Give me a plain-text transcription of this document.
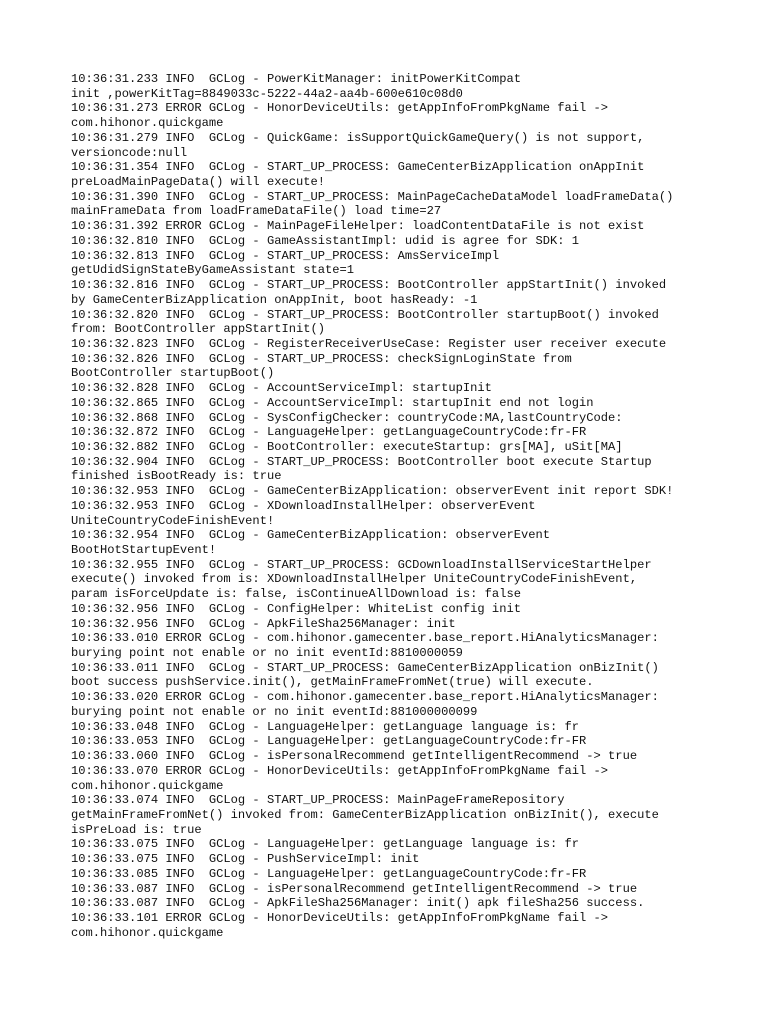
10:36:31.233 INFO  GCLog - PowerKitManager: initPowerKitCompat
init ,powerKitTag=8849033c-5222-44a2-aa4b-600e610c08d0
10:36:31.273 ERROR GCLog - HonorDeviceUtils: getAppInfoFromPkgName fail ->
com.hihonor.quickgame
10:36:31.279 INFO  GCLog - QuickGame: isSupportQuickGameQuery() is not support,
versioncode:null
10:36:31.354 INFO  GCLog - START_UP_PROCESS: GameCenterBizApplication onAppInit
preLoadMainPageData() will execute!
10:36:31.390 INFO  GCLog - START_UP_PROCESS: MainPageCacheDataModel loadFrameData()
mainFrameData from loadFrameDataFile() load time=27
10:36:31.392 ERROR GCLog - MainPageFileHelper: loadContentDataFile is not exist
10:36:32.810 INFO  GCLog - GameAssistantImpl: udid is agree for SDK: 1
10:36:32.813 INFO  GCLog - START_UP_PROCESS: AmsServiceImpl
getUdidSignStateByGameAssistant state=1
10:36:32.816 INFO  GCLog - START_UP_PROCESS: BootController appStartInit() invoked
by GameCenterBizApplication onAppInit, boot hasReady: -1
10:36:32.820 INFO  GCLog - START_UP_PROCESS: BootController startupBoot() invoked
from: BootController appStartInit()
10:36:32.823 INFO  GCLog - RegisterReceiverUseCase: Register user receiver execute
10:36:32.826 INFO  GCLog - START_UP_PROCESS: checkSignLoginState from
BootController startupBoot()
10:36:32.828 INFO  GCLog - AccountServiceImpl: startupInit
10:36:32.865 INFO  GCLog - AccountServiceImpl: startupInit end not login
10:36:32.868 INFO  GCLog - SysConfigChecker: countryCode:MA,lastCountryCode:
10:36:32.872 INFO  GCLog - LanguageHelper: getLanguageCountryCode:fr-FR
10:36:32.882 INFO  GCLog - BootController: executeStartup: grs[MA], uSit[MA]
10:36:32.904 INFO  GCLog - START_UP_PROCESS: BootController boot execute Startup
finished isBootReady is: true
10:36:32.953 INFO  GCLog - GameCenterBizApplication: observerEvent init report SDK!
10:36:32.953 INFO  GCLog - XDownloadInstallHelper: observerEvent
UniteCountryCodeFinishEvent!
10:36:32.954 INFO  GCLog - GameCenterBizApplication: observerEvent
BootHotStartupEvent!
10:36:32.955 INFO  GCLog - START_UP_PROCESS: GCDownloadInstallServiceStartHelper
execute() invoked from is: XDownloadInstallHelper UniteCountryCodeFinishEvent,
param isForceUpdate is: false, isContinueAllDownload is: false
10:36:32.956 INFO  GCLog - ConfigHelper: WhiteList config init
10:36:32.956 INFO  GCLog - ApkFileSha256Manager: init
10:36:33.010 ERROR GCLog - com.hihonor.gamecenter.base_report.HiAnalyticsManager:
burying point not enable or no init eventId:8810000059
10:36:33.011 INFO  GCLog - START_UP_PROCESS: GameCenterBizApplication onBizInit()
boot success pushService.init(), getMainFrameFromNet(true) will execute.
10:36:33.020 ERROR GCLog - com.hihonor.gamecenter.base_report.HiAnalyticsManager:
burying point not enable or no init eventId:881000000099
10:36:33.048 INFO  GCLog - LanguageHelper: getLanguage language is: fr
10:36:33.053 INFO  GCLog - LanguageHelper: getLanguageCountryCode:fr-FR
10:36:33.060 INFO  GCLog - isPersonalRecommend getIntelligentRecommend -> true
10:36:33.070 ERROR GCLog - HonorDeviceUtils: getAppInfoFromPkgName fail ->
com.hihonor.quickgame
10:36:33.074 INFO  GCLog - START_UP_PROCESS: MainPageFrameRepository
getMainFrameFromNet() invoked from: GameCenterBizApplication onBizInit(), execute
isPreLoad is: true
10:36:33.075 INFO  GCLog - LanguageHelper: getLanguage language is: fr
10:36:33.075 INFO  GCLog - PushServiceImpl: init
10:36:33.085 INFO  GCLog - LanguageHelper: getLanguageCountryCode:fr-FR
10:36:33.087 INFO  GCLog - isPersonalRecommend getIntelligentRecommend -> true
10:36:33.087 INFO  GCLog - ApkFileSha256Manager: init() apk fileSha256 success.
10:36:33.101 ERROR GCLog - HonorDeviceUtils: getAppInfoFromPkgName fail ->
com.hihonor.quickgame
